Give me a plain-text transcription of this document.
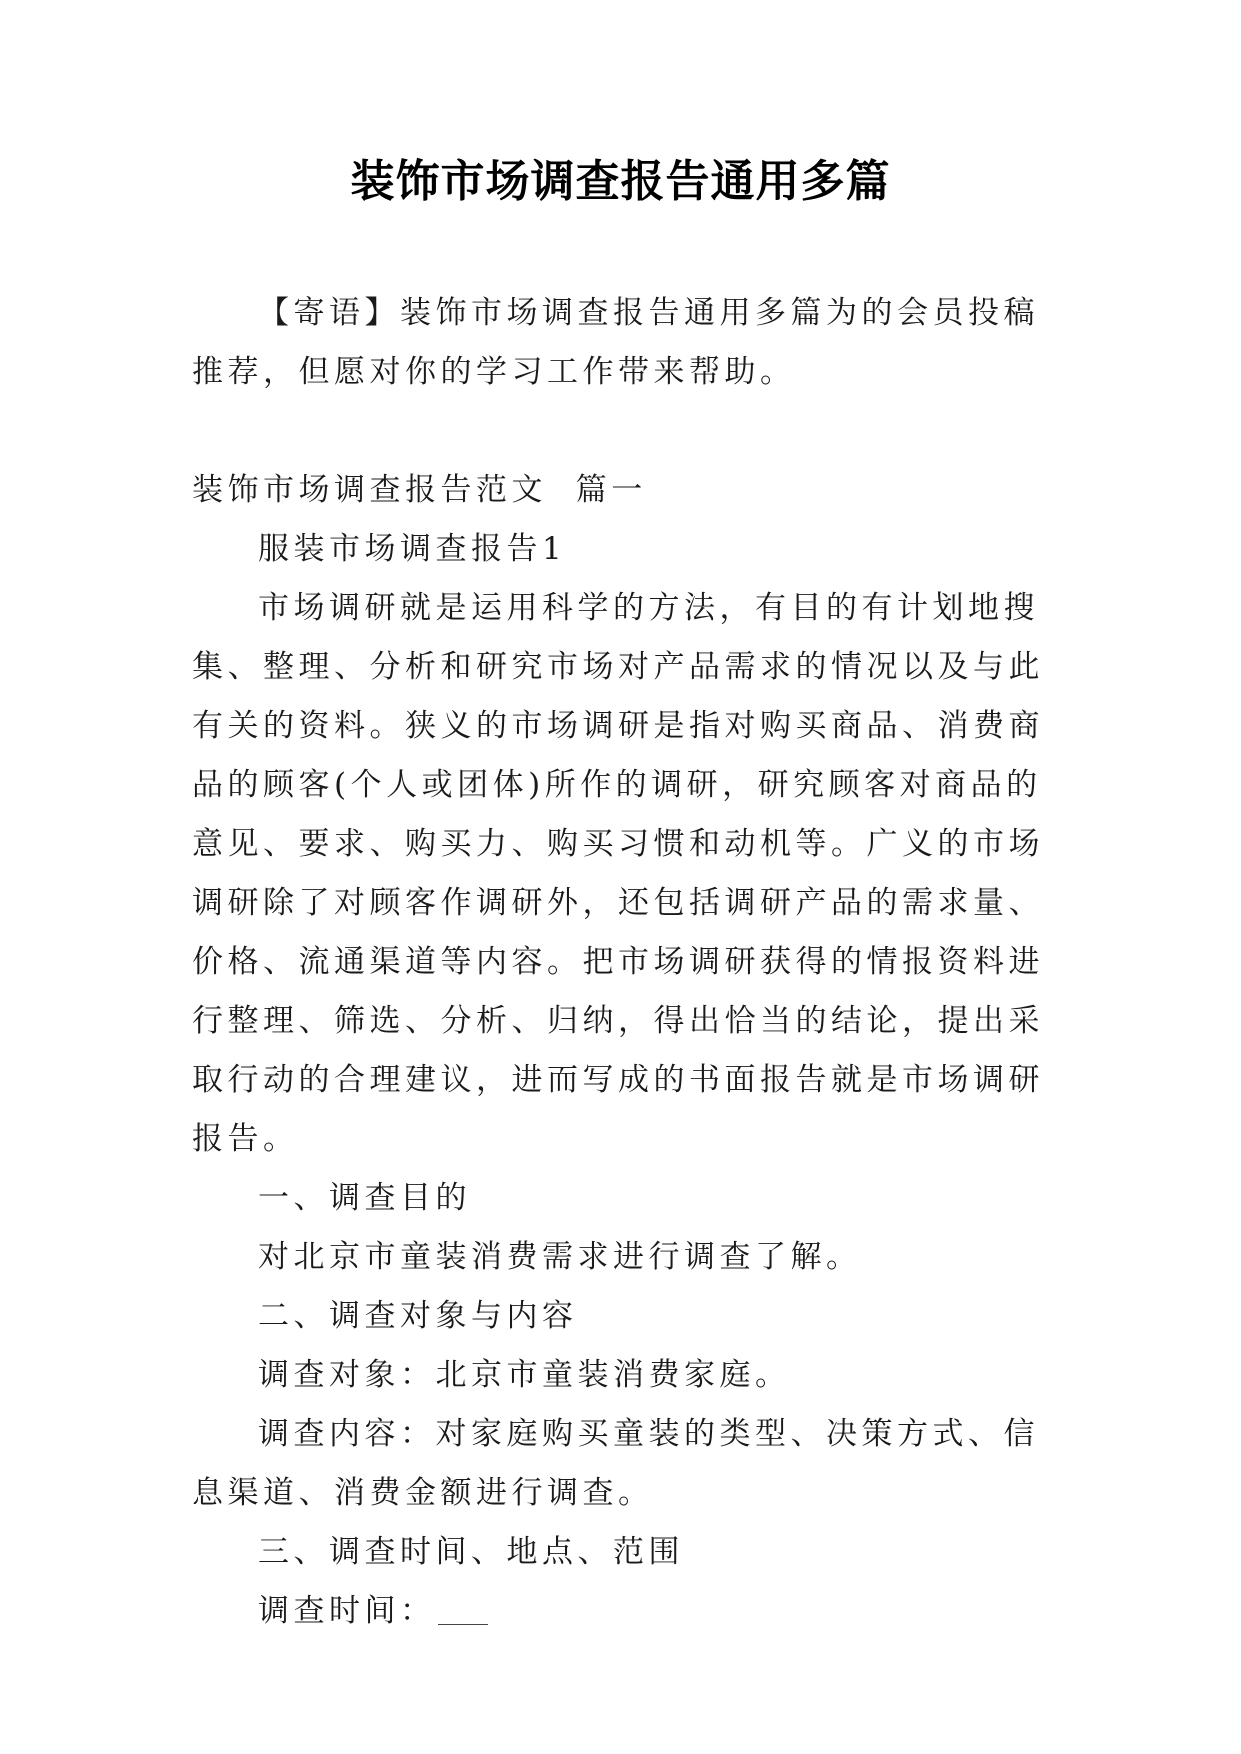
装饰市场调查报告通用多篇

【寄语】装饰市场调查报告通用多篇为的会员投稿推荐，但愿对你的学习工作带来帮助。

装饰市场调查报告范文  篇一

服装市场调查报告1

市场调研就是运用科学的方法，有目的有计划地搜集、整理、分析和研究市场对产品需求的情况以及与此有关的资料。狭义的市场调研是指对购买商品、消费商品的顾客(个人或团体)所作的调研，研究顾客对商品的意见、要求、购买力、购买习惯和动机等。广义的市场调研除了对顾客作调研外，还包括调研产品的需求量、价格、流通渠道等内容。把市场调研获得的情报资料进行整理、筛选、分析、归纳，得出恰当的结论，提出采取行动的合理建议，进而写成的书面报告就是市场调研报告。

一、调查目的

对北京市童装消费需求进行调查了解。

二、调查对象与内容

调查对象：北京市童装消费家庭。

调查内容：对家庭购买童装的类型、决策方式、信息渠道、消费金额进行调查。

三、调查时间、地点、范围

调查时间：
